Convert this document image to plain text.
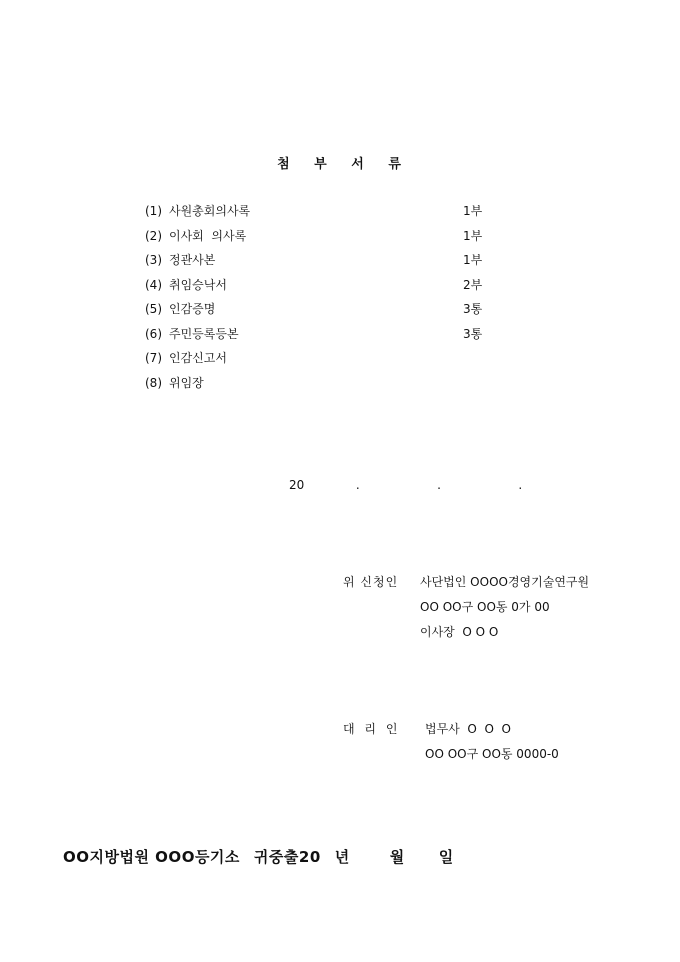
첨 부 서 류
(1) 사원총회의사록	1부
(2) 이사회  의사록	1부
(3) 정관사본	1부
(4) 취임승낙서	2부
(5) 인감증명	3통
(6) 주민등록등본	3통
(7) 인감신고서
(8) 위임장
20  .   .   .
위 신청인 사단법인 OOOO경영기술연구원
OO OO구 OO동 0가 00
이사장  O O O
대 리 인 법무사  O  O  O
OO OO구 OO동 0000-0
OO지방법원 OOO등기소 귀중출20 년	월 일
